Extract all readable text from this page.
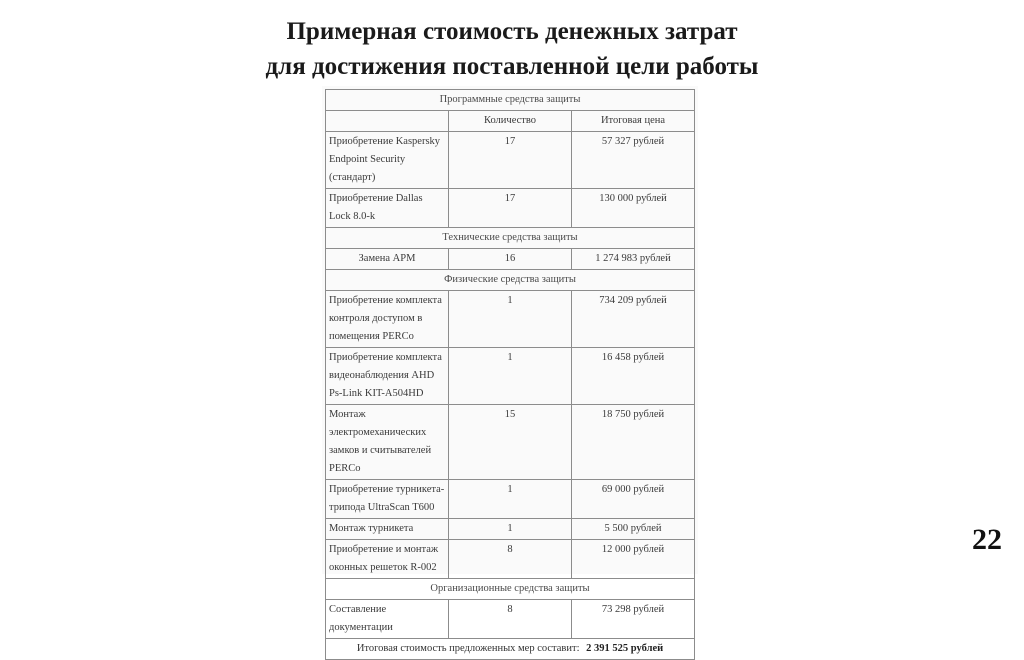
Примерная стоимость денежных затрат
для достижения поставленной цели работы
Программные средства защиты		
	Количество	Итоговая цена
Приобретение Kaspersky Endpoint Security (стандарт)	17	57 327 рублей
Приобретение Dallas Lock 8.0-k	17	130 000 рублей
Технические средства защиты		
Замена АРМ	16	1 274 983 рублей
Физические средства защиты		
Приобретение комплекта контроля доступом в помещения PERCo	1	734 209 рублей
Приобретение комплекта видеонаблюдения AHD Ps-Link KIT-A504HD	1	16 458 рублей
Монтаж электромеханических замков и считывателей PERCo	15	18 750 рублей
Приобретение турникета-трипода UltraScan T600	1	69 000 рублей
Монтаж турникета	1	5 500 рублей
Приобретение и монтаж оконных решеток R-002	8	12 000 рублей
Организационные средства защиты		
Составление документации	8	73 298 рублей
Итоговая стоимость предложенных мер составит: 2 391 525 рублей		
22
